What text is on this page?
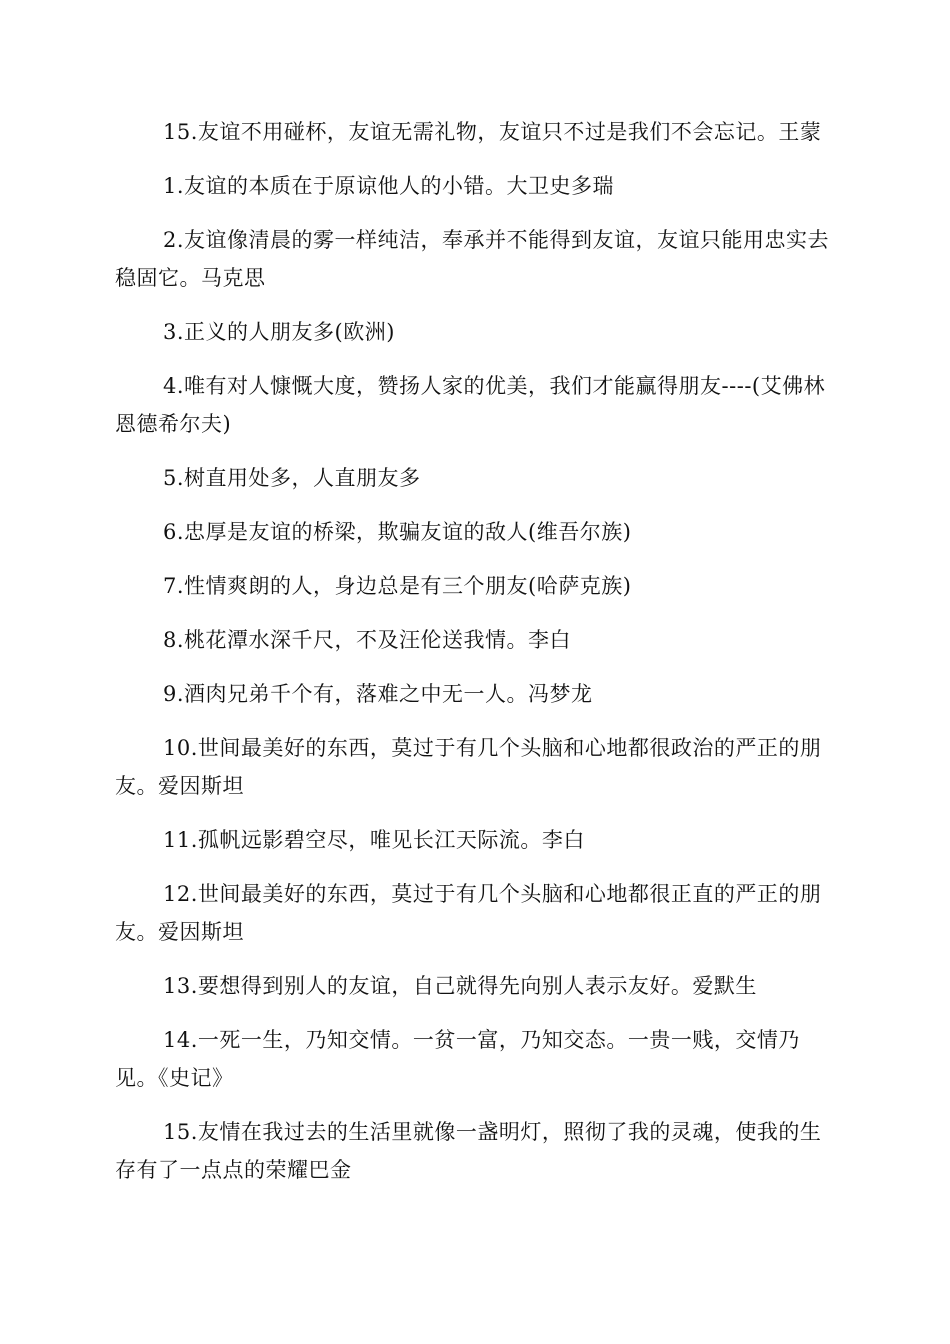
15.友谊不用碰杯，友谊无需礼物，友谊只不过是我们不会忘记。王蒙

1.友谊的本质在于原谅他人的小错。大卫史多瑞

2.友谊像清晨的雾一样纯洁，奉承并不能得到友谊，友谊只能用忠实去稳固它。马克思

3.正义的人朋友多(欧洲)

4.唯有对人慷慨大度，赞扬人家的优美，我们才能赢得朋友----(艾佛林恩德希尔夫)

5.树直用处多，人直朋友多

6.忠厚是友谊的桥梁，欺骗友谊的敌人(维吾尔族)

7.性情爽朗的人，身边总是有三个朋友(哈萨克族)

8.桃花潭水深千尺，不及汪伦送我情。李白

9.酒肉兄弟千个有，落难之中无一人。冯梦龙

10.世间最美好的东西，莫过于有几个头脑和心地都很政治的严正的朋友。爱因斯坦

11.孤帆远影碧空尽，唯见长江天际流。李白

12.世间最美好的东西，莫过于有几个头脑和心地都很正直的严正的朋友。爱因斯坦

13.要想得到别人的友谊，自己就得先向别人表示友好。爱默生

14.一死一生，乃知交情。一贫一富，乃知交态。一贵一贱，交情乃见。《史记》

15.友情在我过去的生活里就像一盏明灯，照彻了我的灵魂，使我的生存有了一点点的荣耀巴金
